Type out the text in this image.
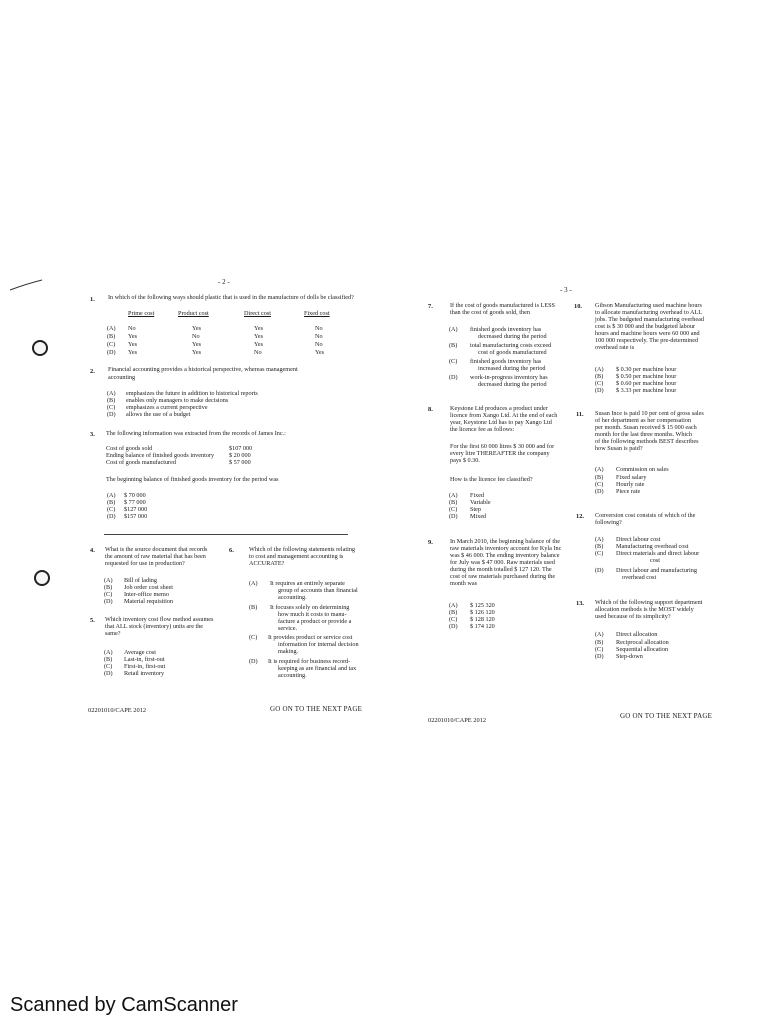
- 2 -
1. In which of the following ways should plastic that is used in the manufacture of dolls be classified?
Prime cost	Product cost	Direct cost	Fixed cost
(A) No	Yes	Yes	No
(B) Yes	No	Yes	No
(C) Yes	Yes	Yes	No
(D) Yes	Yes	No	Yes
2. Financial accounting provides a historical perspective, whereas management
accounting
(A) emphasizes the future in addition to historical reports
(B) enables only managers to make decisions
(C) emphasizes a current perspective
(D) allows the use of a budget
3. The following information was extracted from the records of James Inc.:
Cost of goods sold	$107 000
Ending balance of finished goods inventory $ 20 000
Cost of goods manufactured	$ 57 000
The beginning balance of finished goods inventory for the period was
(A) $ 70 000
(B) $ 77 000
(C) $127 000
(D) $157 000
4. What is the source document that records
the amount of raw material that has been
requested for use in production?
(A) Bill of lading
(B) Job order cost sheet
(C) Inter-office memo
(D) Material requisition
5. Which inventory cost flow method assumes
that ALL stock (inventory) units are the
same?
(A) Average cost
(B) Last-in, first-out
(C) First-in, first-out
(D) Retail inventory
6. Which of the following statements relating
to cost and management accounting is
ACCURATE?
(A) It requires an entirely separate
group of accounts than financial
accounting.
(B) It focuses solely on determining
how much it costs to manu-
facture a product or provide a
service.
(C) It provides product or service cost
information for internal decision
making.
(D) It is required for business record-
keeping as are financial and tax
accounting.
02201010/CAPE 2012	GO ON TO THE NEXT PAGE
- 3 -
7.	If the cost of goods manufactured is LESS
than the cost of goods sold, then
(A) finished goods inventory has
decreased during the period
(B) total manufacturing costs exceed
cost of goods manufactured
(C) finished goods inventory has
increased during the period
(D) work-in-progress inventory has
decreased during the period
8.	Keystone Ltd produces a product under
licence from Xango Ltd. At the end of each
year, Keystone Ltd has to pay Xango Ltd
the licence fee as follows:
For the first 60 000 litres $ 30 000 and for
every litre THEREAFTER the company
pays $ 0.30.
How is the licence fee classified?
(A) Fixed
(B) Variable
(C) Step
(D) Mixed
9.	In March 2010, the beginning balance of the
raw materials inventory account for Kyla Inc
was $ 46 000. The ending inventory balance
for July was $ 47 000. Raw materials used
during the month totalled $ 127 120. The
cost of raw materials purchased during the
month was
(A) $ 125 320
(B) $ 126 120
(C) $ 128 120
(D) $ 174 120
10. Gibson Manufacturing used machine hours
to allocate manufacturing overhead to ALL
jobs. The budgeted manufacturing overhead
cost is $ 30 000 and the budgeted labour
hours and machine hours were 60 000 and
100 000 respectively. The pre-determined
overhead rate is
(A) $ 0.30 per machine hour
(B) $ 0.50 per machine hour
(C) $ 0.60 per machine hour
(D) $ 3.33 per machine hour
11. Susan Ince is paid 10 per cent of gross sales
of her department as her compensation
per month. Susan received $ 15 000 each
month for the last three months. Which
of the following methods BEST describes
how Susan is paid?
(A) Commission on sales
(B) Fixed salary
(C) Hourly rate
(D) Piece rate
12. Conversion cost consists of which of the
following?
(A) Direct labour cost
(B) Manufacturing overhead cost
(C) Direct materials and direct labour
cost
(D) Direct labour and manufacturing
overhead cost
13. Which of the following support department
allocation methods is the MOST widely
used because of its simplicity?
(A) Direct allocation
(B) Reciprocal allocation
(C) Sequential allocation
(D) Step-down
02201010/CAPE 2012
GO ON TO THE NEXT PAGE
Scanned by CamScanner
